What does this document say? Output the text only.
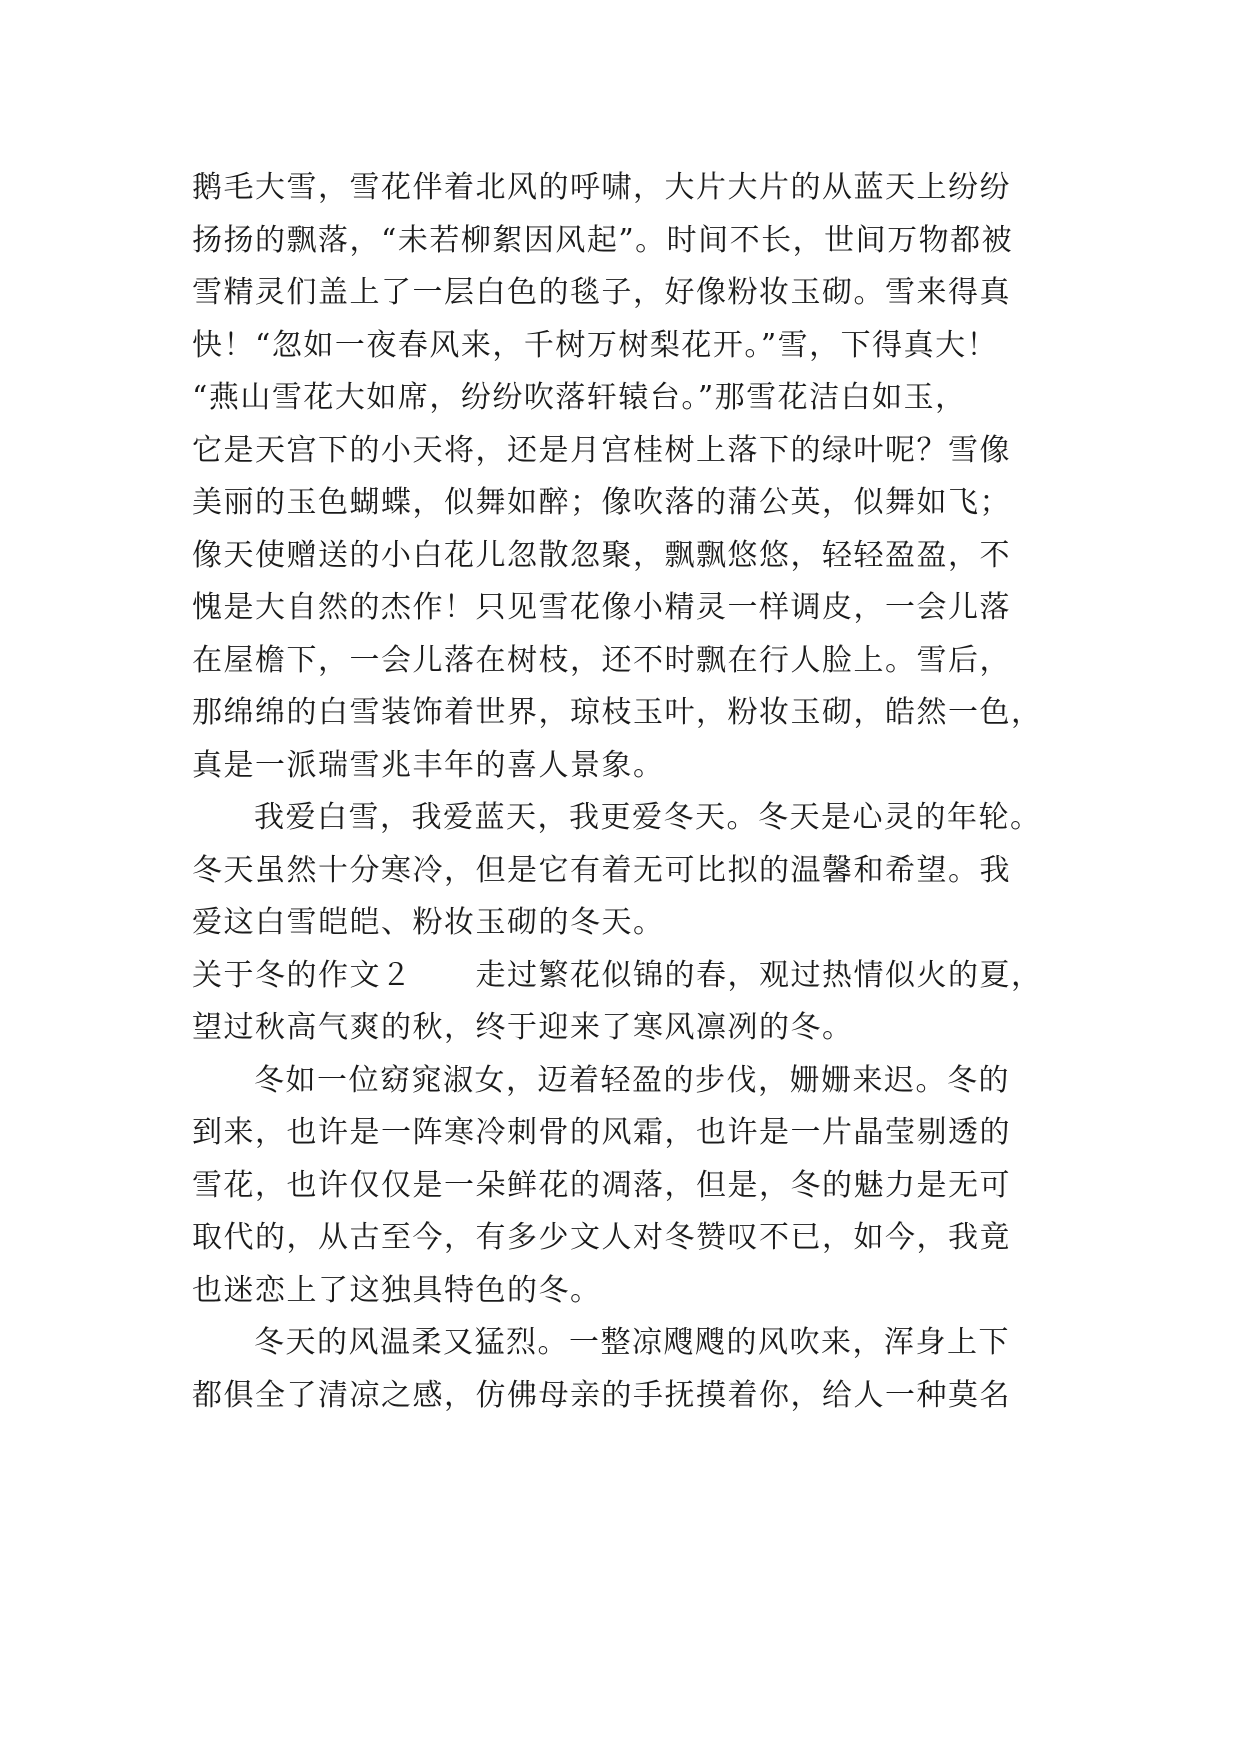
鹅毛大雪，雪花伴着北风的呼啸，大片大片的从蓝天上纷纷
扬扬的飘落，“未若柳絮因风起”。时间不长，世间万物都被
雪精灵们盖上了一层白色的毯子，好像粉妆玉砌。雪来得真
快！“忽如一夜春风来，千树万树梨花开。”雪，下得真大！
“燕山雪花大如席，纷纷吹落轩辕台。”那雪花洁白如玉，
它是天宫下的小天将，还是月宫桂树上落下的绿叶呢？雪像
美丽的玉色蝴蝶，似舞如醉；像吹落的蒲公英，似舞如飞；
像天使赠送的小白花儿忽散忽聚，飘飘悠悠，轻轻盈盈，不
愧是大自然的杰作！只见雪花像小精灵一样调皮，一会儿落
在屋檐下，一会儿落在树枝，还不时飘在行人脸上。雪后，
那绵绵的白雪装饰着世界，琼枝玉叶，粉妆玉砌，皓然一色，
真是一派瑞雪兆丰年的喜人景象。
我爱白雪，我爱蓝天，我更爱冬天。冬天是心灵的年轮。
冬天虽然十分寒冷，但是它有着无可比拟的温馨和希望。我
爱这白雪皑皑、粉妆玉砌的冬天。
关于冬的作文２　　走过繁花似锦的春，观过热情似火的夏，
望过秋高气爽的秋，终于迎来了寒风凛冽的冬。
冬如一位窈窕淑女，迈着轻盈的步伐，姗姗来迟。冬的
到来，也许是一阵寒冷刺骨的风霜，也许是一片晶莹剔透的
雪花，也许仅仅是一朵鲜花的凋落，但是，冬的魅力是无可
取代的，从古至今，有多少文人对冬赞叹不已，如今，我竟
也迷恋上了这独具特色的冬。
冬天的风温柔又猛烈。一整凉飕飕的风吹来，浑身上下
都俱全了清凉之感，仿佛母亲的手抚摸着你，给人一种莫名
